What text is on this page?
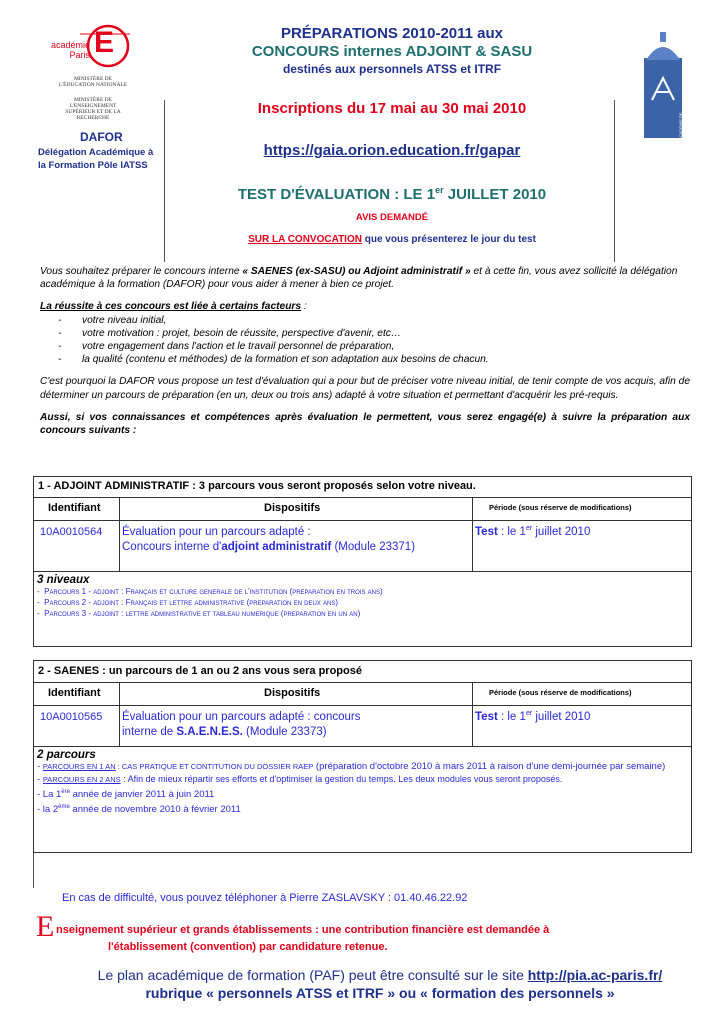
E
académie Paris
MINISTÈRE DE L'ÉDUCATION NATIONALE
MINISTÈRE DE L'ENSEIGNEMENT SUPÉRIEUR ET DE LA RECHERCHE
DAFOR
Délégation Académique à la Formation Pôle IATSS
PRÉPARATIONS 2010-2011 aux
CONCOURS internes ADJOINT & SASU
destinés aux personnels ATSS et ITRF
Inscriptions du 17 mai au 30 mai 2010
https://gaia.orion.education.fr/gapar
TEST D'ÉVALUATION : LE 1er JUILLET 2010
AVIS DEMANDÉ
SUR LA CONVOCATION que vous présenterez le jour du test
ACADÉMIE DE PARIS

Vous souhaitez préparer le concours interne « SAENES (ex-SASU) ou Adjoint administratif » et à cette fin, vous avez sollicité la délégation académique à la formation (DAFOR) pour vous aider à mener à bien ce projet.

La réussite à ces concours est liée à certains facteurs :

- votre niveau initial,

- votre motivation : projet, besoin de réussite, perspective d'avenir, etc…

- votre engagement dans l'action et le travail personnel de préparation,

- la qualité (contenu et méthodes) de la formation et son adaptation aux besoins de chacun.

C'est pourquoi la DAFOR vous propose un test d'évaluation qui a pour but de préciser votre niveau initial, de tenir compte de vos acquis, afin de déterminer un parcours de préparation (en un, deux ou trois ans) adapté à votre situation et permettant d'acquérir les pré-requis.

Aussi, si vos connaissances et compétences après évaluation le permettent, vous serez engagé(e) à suivre la préparation aux concours suivants :

1 - ADJOINT ADMINISTRATIF : 3 parcours vous seront proposés selon votre niveau.
Identifiant	Dispositifs	Période (sous réserve de modifications)
10A0010564 Évaluation pour un parcours adapté :
Concours interne d'adjoint administratif (Module 23371)
Test : le 1er juillet 2010
3 niveaux
-  Parcours 1 - adjoint : Français et culture generale de l'institution (preparation en trois ans)
-  Parcours 2 - adjoint : Français et lettre administrative (preparation en deux ans)
-  Parcours 3 - adjoint : lettre administrative et tableau numerique (preparation en un an)
2 - SAENES : un parcours de 1 an ou 2 ans vous sera proposé
Identifiant	Dispositifs	Période (sous réserve de modifications)
10A0010565 Évaluation pour un parcours adapté : concours
interne de S.A.E.N.E.S. (Module 23373)
Test : le 1er juillet 2010
2 parcours
- PARCOURS EN 1 AN : CAS PRATIQUE ET CONTITUTION DU DOSSIER RAEP (préparation d'octobre 2010 à mars 2011 à raison d'une demi-journée par semaine)
- PARCOURS EN 2 ANS : Afin de mieux répartir ses efforts et d'optimiser la gestion du temps. Les deux modules vous seront proposés.
- La 1ère année de janvier 2011 à juin 2011
- la 2ème année de novembre 2010 à février 2011
En cas de difficulté, vous pouvez téléphoner à Pierre ZASLAVSKY : 01.40.46.22.92
E nseignement supérieur et grands établissements : une contribution financière est demandée à
l'établissement (convention) par candidature retenue.
Le plan académique de formation (PAF) peut être consulté sur le site http://pia.ac-paris.fr/
rubrique « personnels ATSS et ITRF » ou « formation des personnels »
